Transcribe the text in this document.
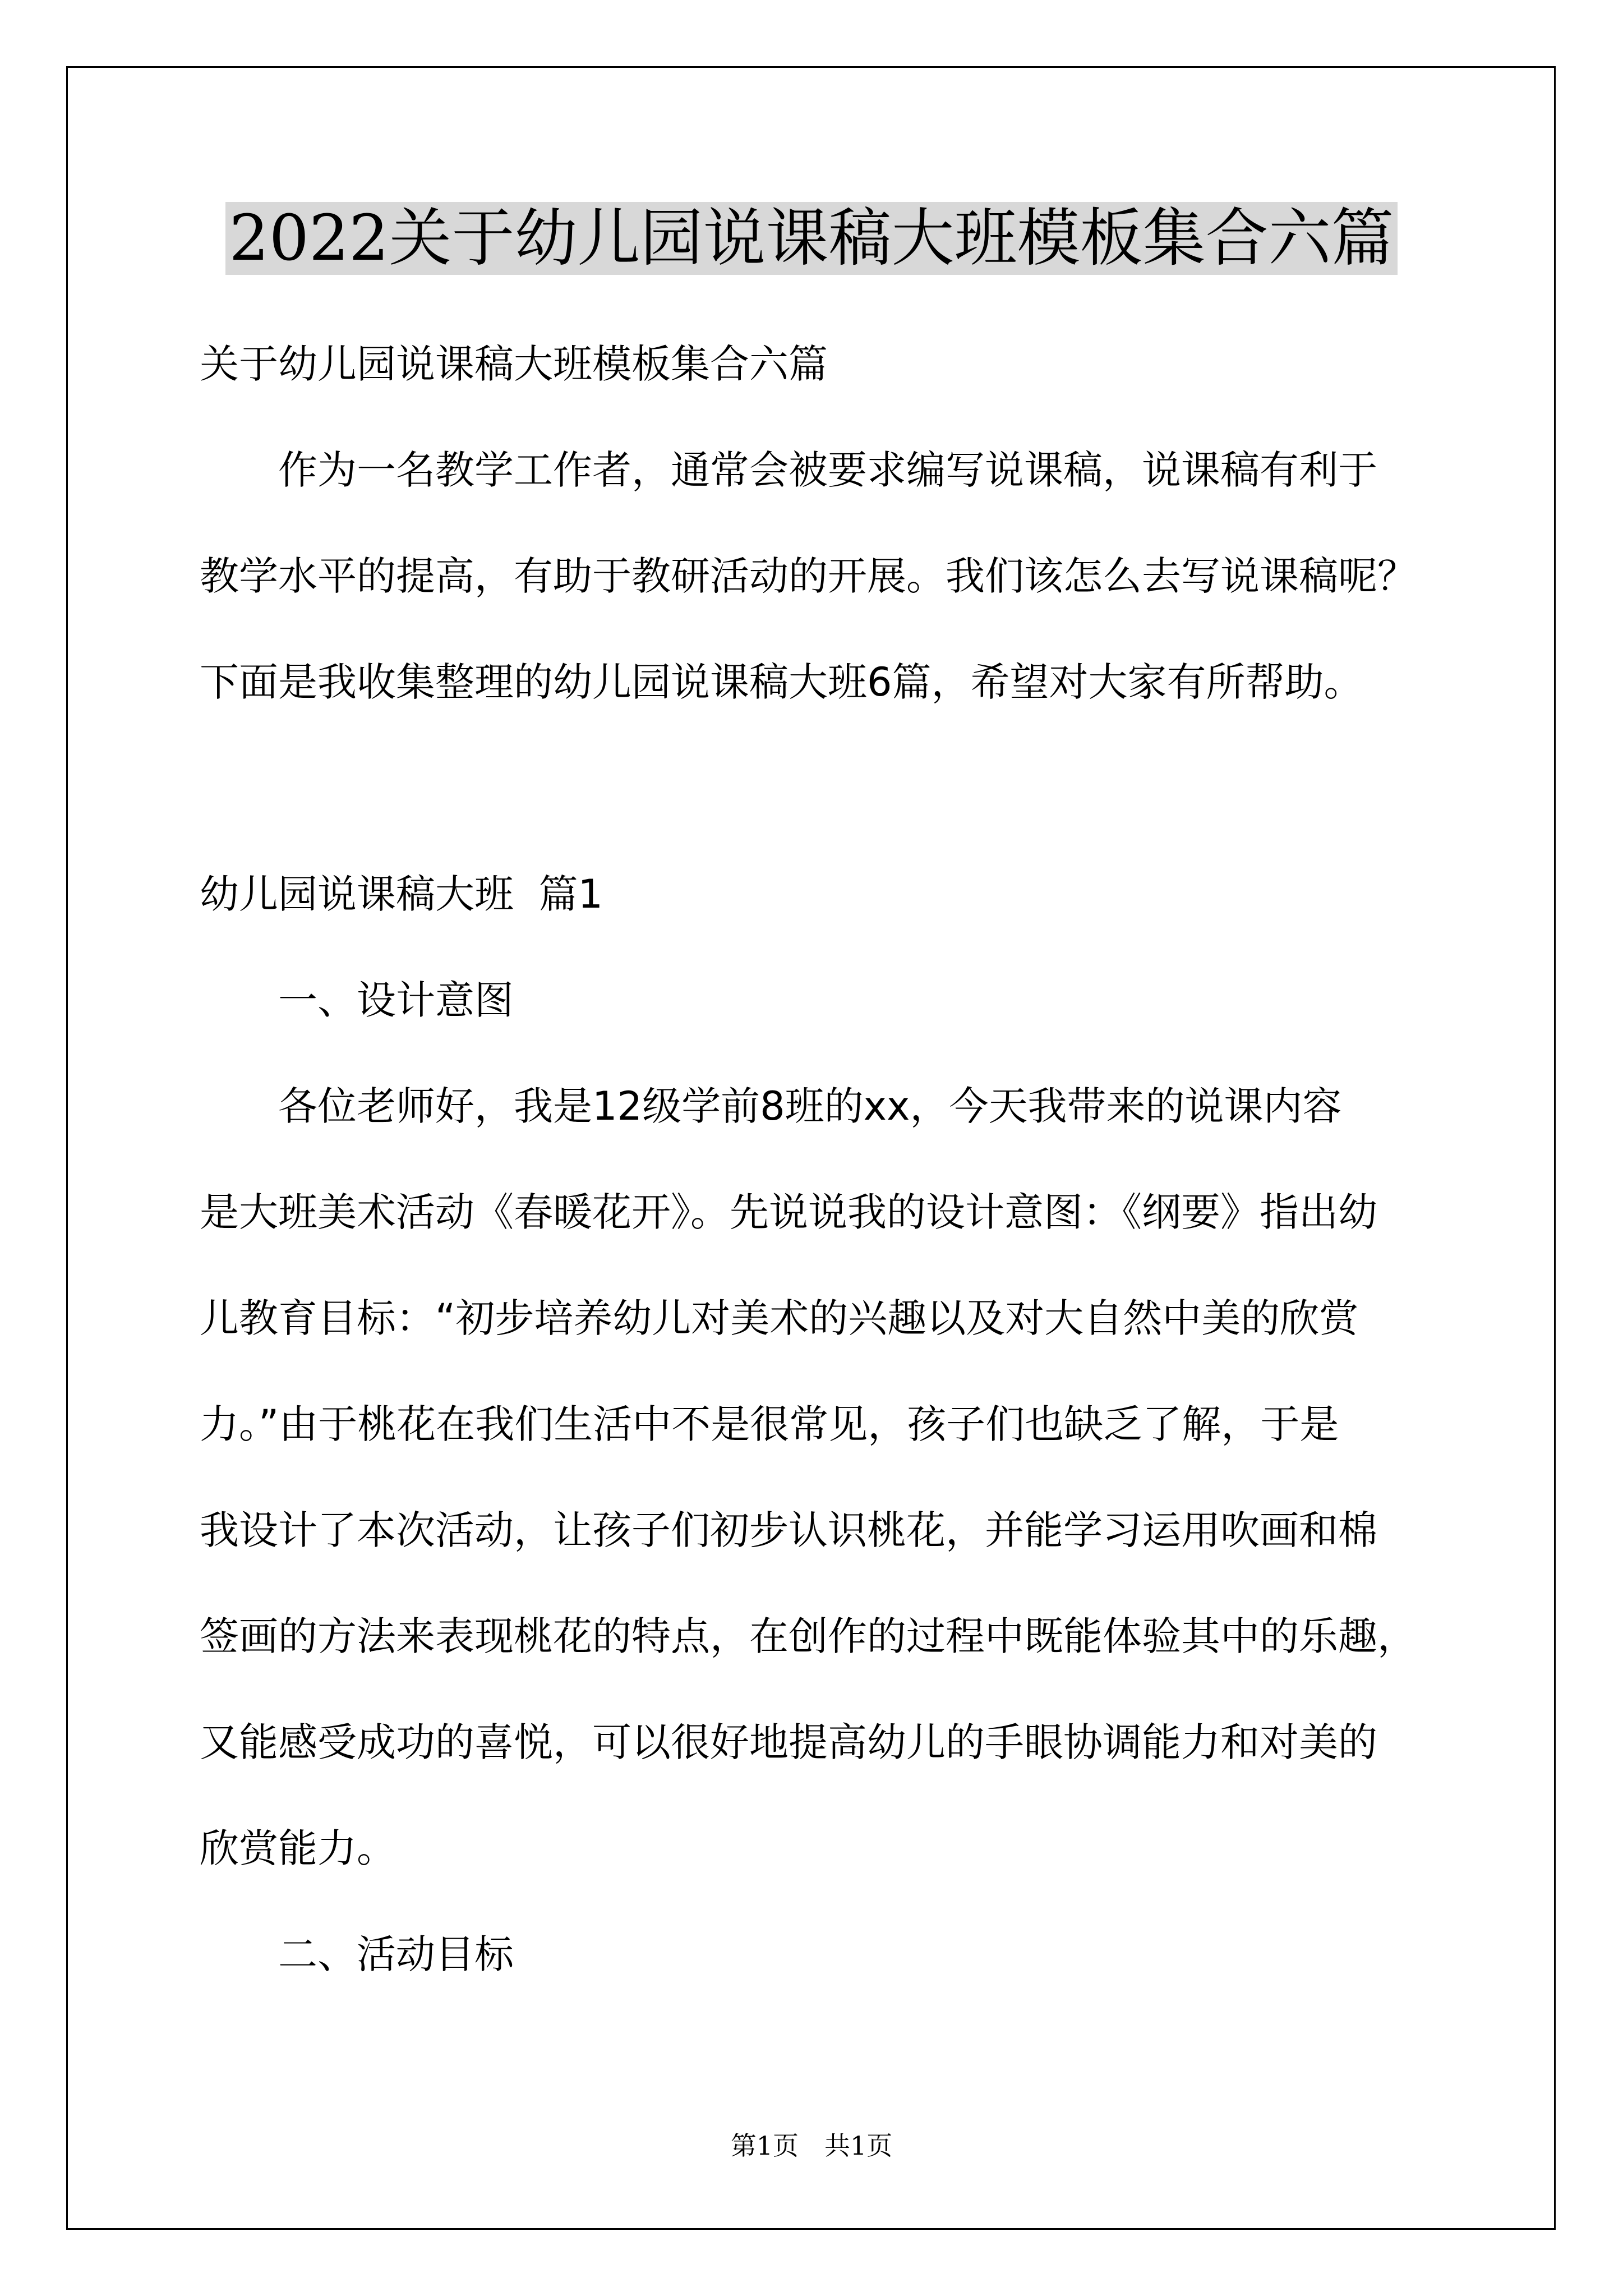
2022关于幼儿园说课稿大班模板集合六篇

关于幼儿园说课稿大班模板集合六篇

作为一名教学工作者，通常会被要求编写说课稿，说课稿有利于

教学水平的提高，有助于教研活动的开展。我们该怎么去写说课稿呢？

下面是我收集整理的幼儿园说课稿大班6篇，希望对大家有所帮助。

幼儿园说课稿大班  篇1

一、设计意图

各位老师好，我是12级学前8班的xx，今天我带来的说课内容

是大班美术活动《春暖花开》。先说说我的设计意图：《纲要》指出幼

儿教育目标：“初步培养幼儿对美术的兴趣以及对大自然中美的欣赏

力。”由于桃花在我们生活中不是很常见，孩子们也缺乏了解，于是

我设计了本次活动，让孩子们初步认识桃花，并能学习运用吹画和棉

签画的方法来表现桃花的特点，在创作的过程中既能体验其中的乐趣，

又能感受成功的喜悦，可以很好地提高幼儿的手眼协调能力和对美的

欣赏能力。

二、活动目标

第1页 共1页
